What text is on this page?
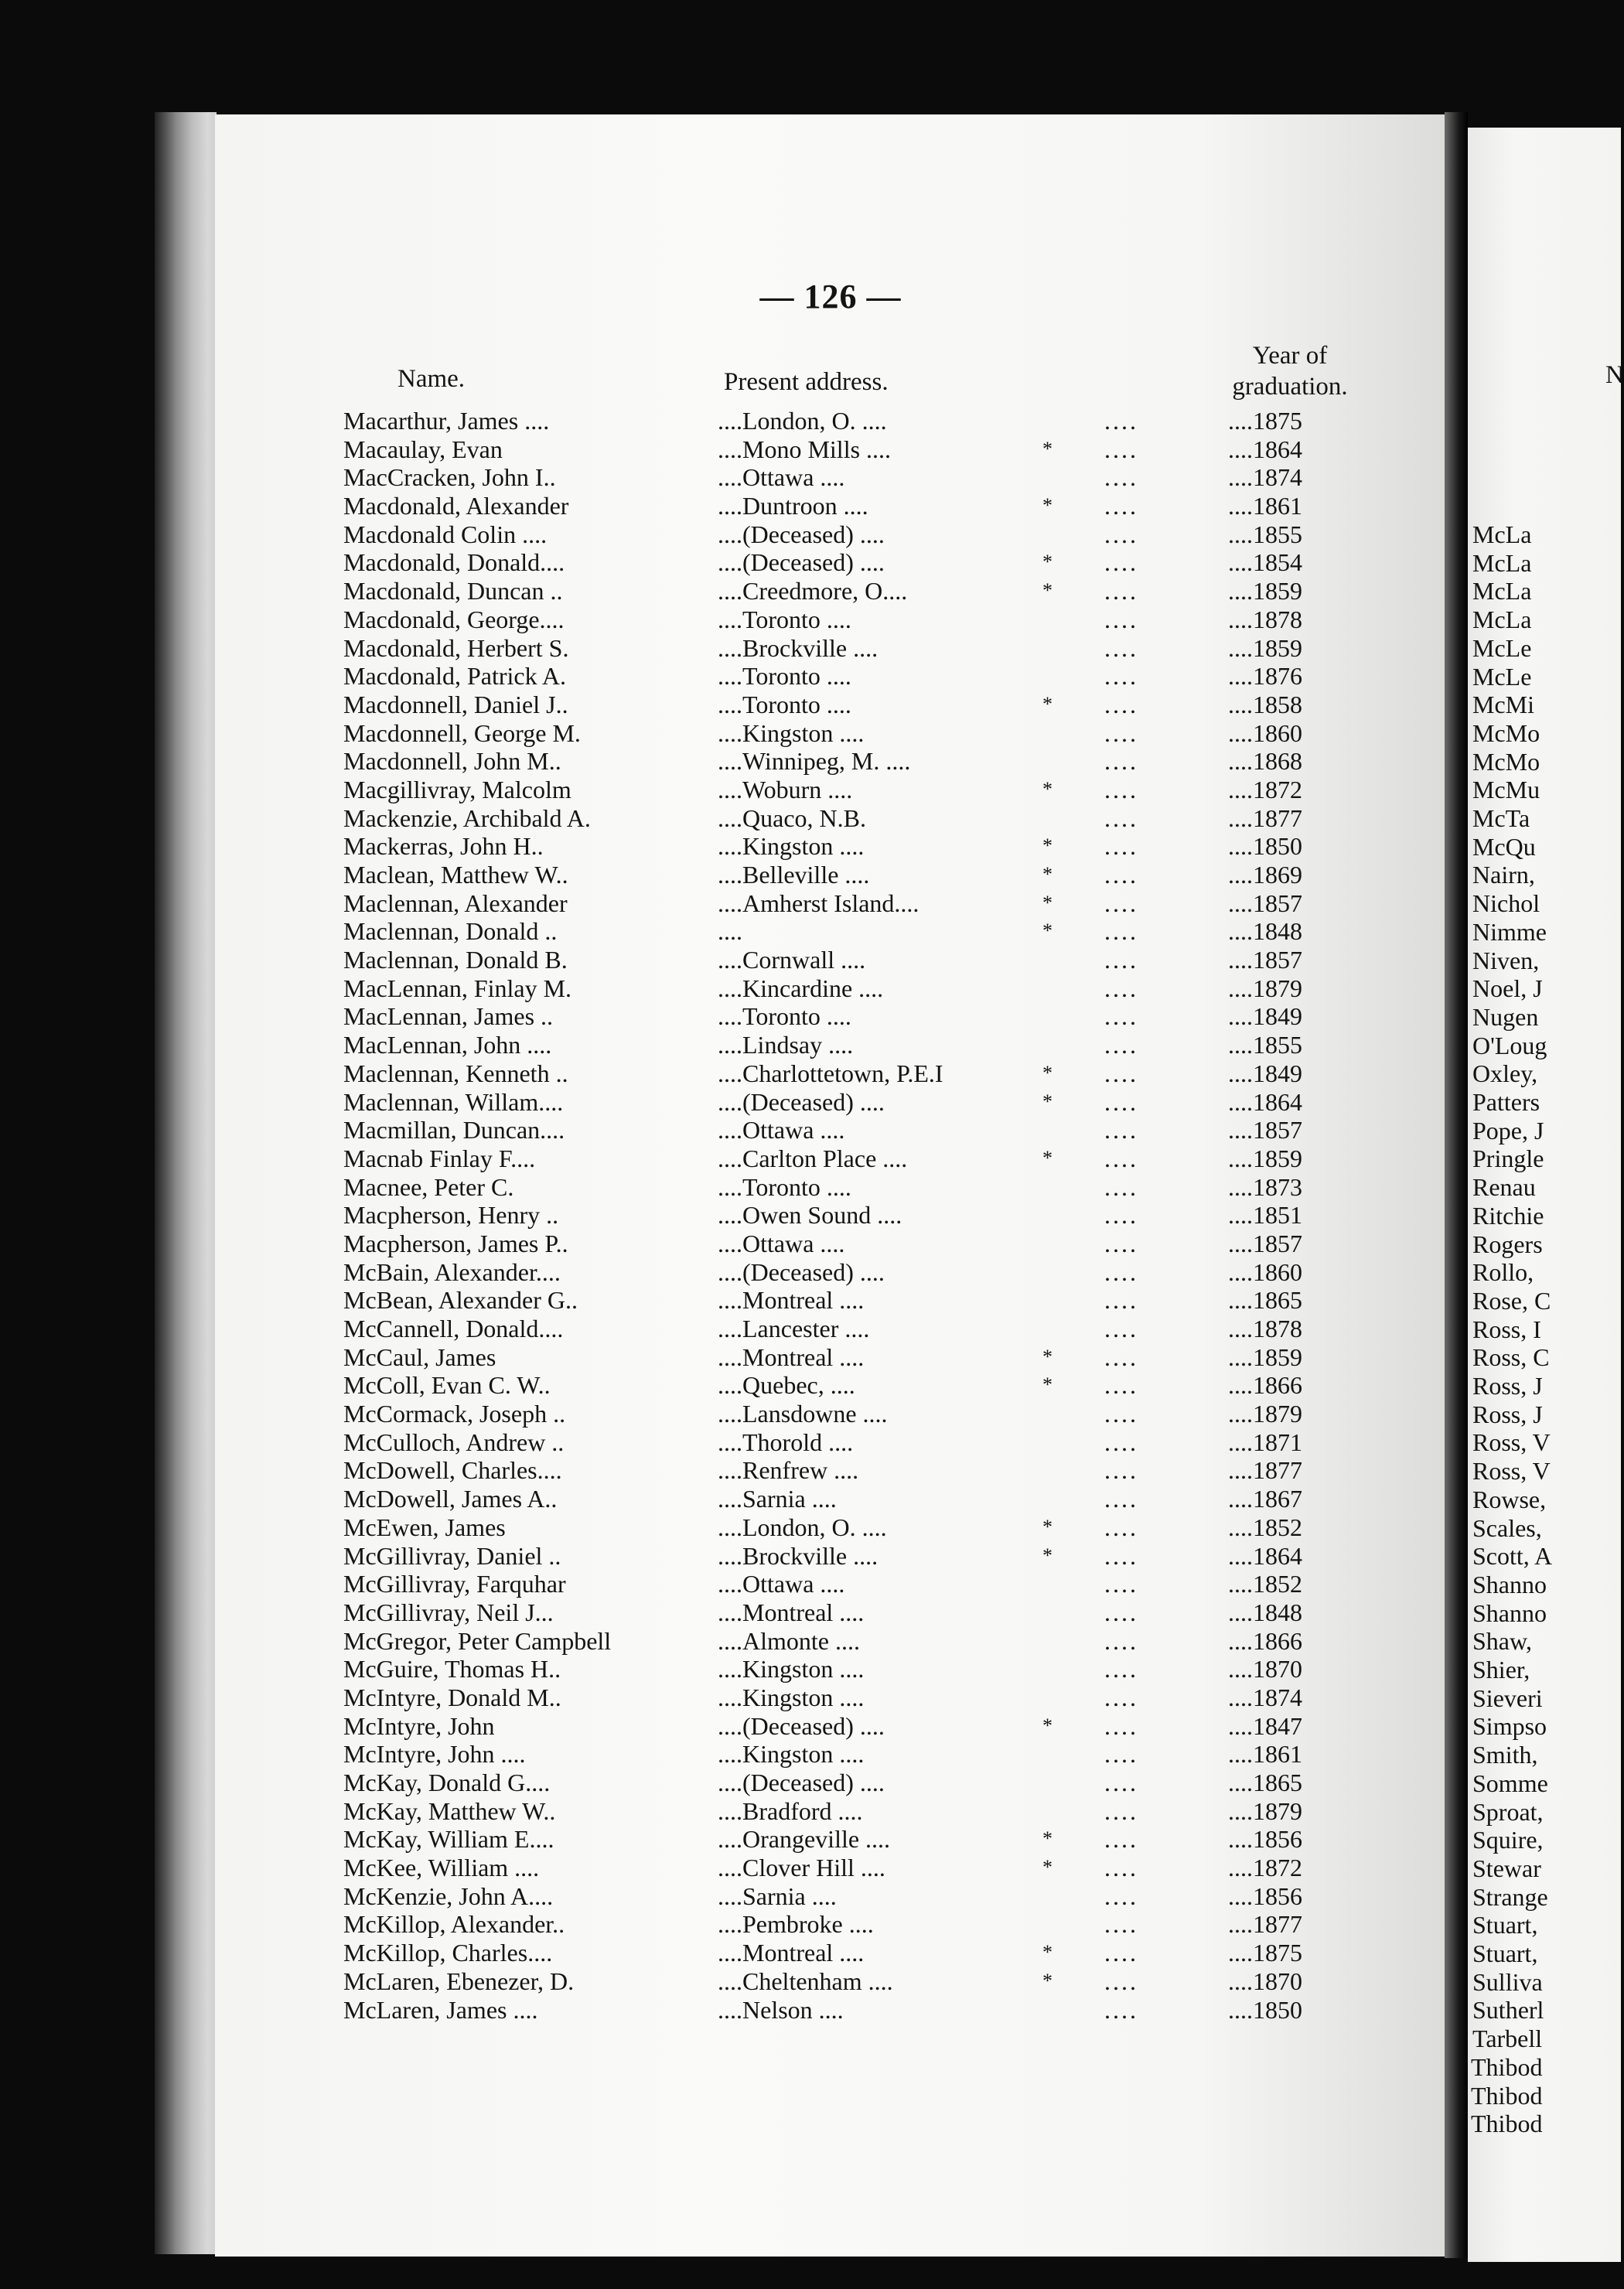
— 126 —
Name.	Present address.
Year of
graduation.
Macarthur, James ....	....London, O. ....	....	....1875
Macaulay, Evan	....Mono Mills ....	* ....	....1864
MacCracken, John I..	....Ottawa ....	....	....1874
Macdonald, Alexander	....Duntroon ....	* ....	....1861
Macdonald Colin ....	....(Deceased) ....	....	....1855
Macdonald, Donald....	....(Deceased) ....	* ....	....1854
Macdonald, Duncan ..	....Creedmore, O....	* ....	....1859
Macdonald, George....	....Toronto ....	....	....1878
Macdonald, Herbert S.	....Brockville ....	....	....1859
Macdonald, Patrick A.	....Toronto ....	....	....1876
Macdonnell, Daniel J..	....Toronto ....	* ....	....1858
Macdonnell, George M.	....Kingston ....	....	....1860
Macdonnell, John M..	....Winnipeg, M. ....	....	....1868
Macgillivray, Malcolm	....Woburn ....	* ....	....1872
Mackenzie, Archibald A.	....Quaco, N.B.	....	....1877
Mackerras, John H..	....Kingston ....	* ....	....1850
Maclean, Matthew W..	....Belleville ....	* ....	....1869
Maclennan, Alexander	....Amherst Island....	* ....	....1857
Maclennan, Donald ..	....	* ....	....1848
Maclennan, Donald B.	....Cornwall ....	....	....1857
MacLennan, Finlay M.	....Kincardine ....	....	....1879
MacLennan, James ..	....Toronto ....	....	....1849
MacLennan, John ....	....Lindsay ....	....	....1855
Maclennan, Kenneth ..	....Charlottetown, P.E.I	* ....	....1849
Maclennan, Willam....	....(Deceased) ....	* ....	....1864
Macmillan, Duncan....	....Ottawa ....	....	....1857
Macnab Finlay F....	....Carlton Place ....	* ....	....1859
Macnee, Peter C.	....Toronto ....	....	....1873
Macpherson, Henry ..	....Owen Sound ....	....	....1851
Macpherson, James P..	....Ottawa ....	....	....1857
McBain, Alexander....	....(Deceased) ....	....	....1860
McBean, Alexander G..	....Montreal ....	....	....1865
McCannell, Donald....	....Lancester ....	....	....1878
McCaul, James	....Montreal ....	* ....	....1859
McColl, Evan C. W..	....Quebec, ....	* ....	....1866
McCormack, Joseph ..	....Lansdowne ....	....	....1879
McCulloch, Andrew ..	....Thorold ....	....	....1871
McDowell, Charles....	....Renfrew ....	....	....1877
McDowell, James A..	....Sarnia ....	....	....1867
McEwen, James	....London, O. ....	* ....	....1852
McGillivray, Daniel ..	....Brockville ....	* ....	....1864
McGillivray, Farquhar	....Ottawa ....	....	....1852
McGillivray, Neil J...	....Montreal ....	....	....1848
McGregor, Peter Campbell	....Almonte ....	....	....1866
McGuire, Thomas H..	....Kingston ....	....	....1870
McIntyre, Donald M..	....Kingston ....	....	....1874
McIntyre, John	....(Deceased) ....	* ....	....1847
McIntyre, John ....	....Kingston ....	....	....1861
McKay, Donald G....	....(Deceased) ....	....	....1865
McKay, Matthew W..	....Bradford ....	....	....1879
McKay, William E....	....Orangeville ....	* ....	....1856
McKee, William ....	....Clover Hill ....	* ....	....1872
McKenzie, John A....	....Sarnia ....	....	....1856
McKillop, Alexander..	....Pembroke ....	....	....1877
McKillop, Charles....	....Montreal ....	* ....	....1875
McLaren, Ebenezer, D.	....Cheltenham ....	* ....	....1870
McLaren, James ....	....Nelson ....	....	....1850
N
McLa
McLa
McLa
McLa
McLe
McLe
McMi
McMo
McMo
McMu
McTa
McQu
Nairn,
Nichol
Nimme
Niven,
Noel, J
Nugen
O'Loug
Oxley,
Patters
Pope, J
Pringle
Renau
Ritchie
Rogers
Rollo,
Rose, C
Ross, I
Ross, C
Ross, J
Ross, J
Ross, V
Ross, V
Rowse,
Scales,
Scott, A
Shanno
Shanno
Shaw,
Shier,
Sieveri
Simpso
Smith,
Somme
Sproat,
Squire,
Stewar
Strange
Stuart,
Stuart,
Sulliva
Sutherl
Tarbell
Thibod
Thibod
Thibod
